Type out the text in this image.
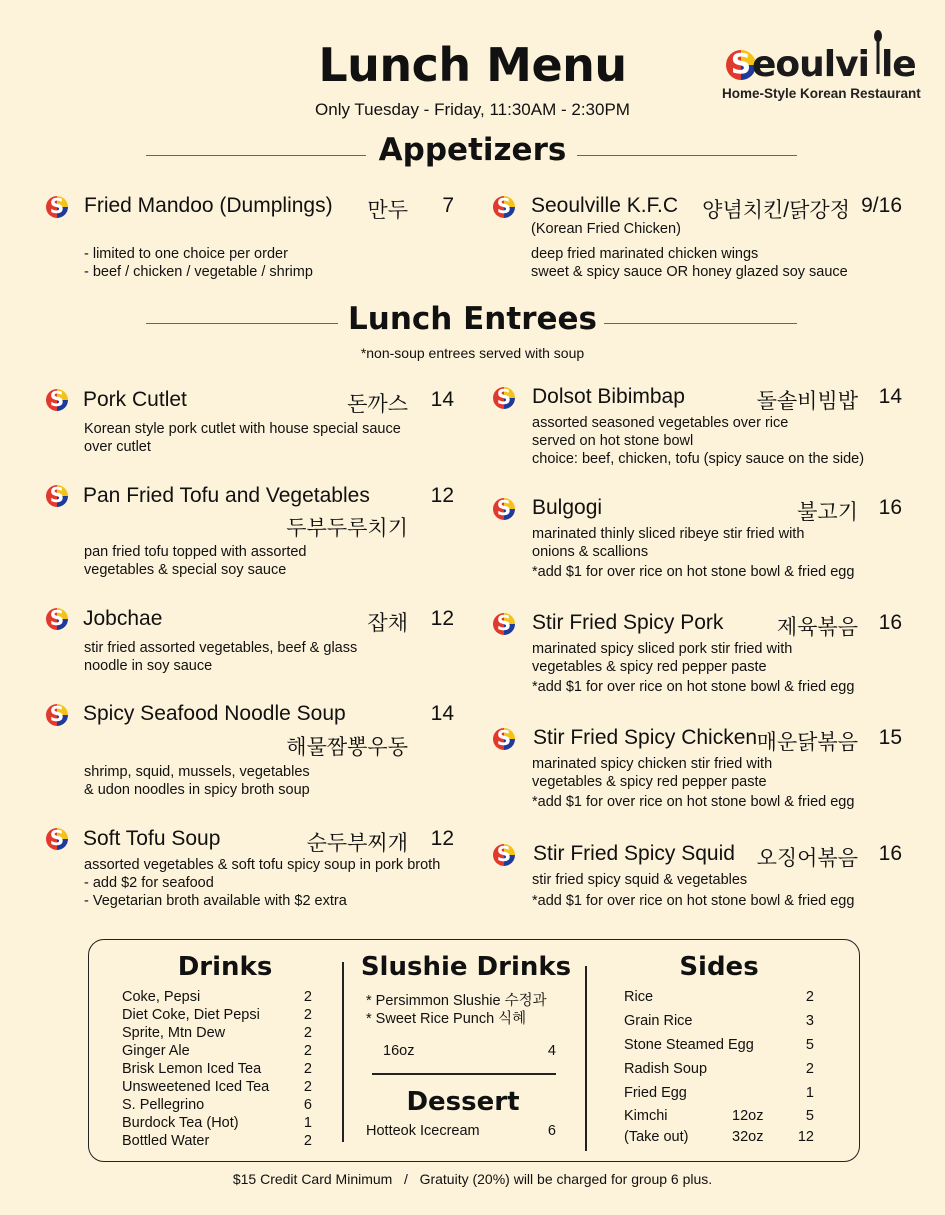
Lunch Menu
Only Tuesday - Friday, 11:30AM - 2:30PM
S eoulvi le
Home-Style Korean Restaurant
Appetizers
S Fried Mandoo (Dumplings)	만두	7
- limited to one choice per order
- beef / chicken / vegetable / shrimp
S Seoulville K.F.C
(Korean Fried Chicken)
양념치킨/닭강정 9/16
deep fried marinated chicken wings
sweet & spicy sauce OR honey glazed soy sauce
Lunch Entrees
*non-soup entrees served with soup
S Pork Cutlet	돈까스	14
Korean style pork cutlet with house special sauce
over cutlet
S Pan Fried Tofu and Vegetables	12
두부두루치기
pan fried tofu topped with assorted
vegetables & special soy sauce
S Jobchae	잡채	12
stir fried assorted vegetables, beef & glass
noodle in soy sauce
S Spicy Seafood Noodle Soup	14
해물짬뽕우동
shrimp, squid, mussels, vegetables
& udon noodles in spicy broth soup
S Soft Tofu Soup	순두부찌개	12
assorted vegetables & soft tofu spicy soup in pork broth
- add $2 for seafood
- Vegetarian broth available with $2 extra
S Dolsot Bibimbap	돌솥비빔밥 14
assorted seasoned vegetables over rice
served on hot stone bowl
choice: beef, chicken, tofu (spicy sauce on the side)
S Bulgogi	불고기 16
marinated thinly sliced ribeye stir fried with
onions & scallions
*add $1 for over rice on hot stone bowl & fried egg
S Stir Fried Spicy Pork	제육볶음 16
marinated spicy sliced pork stir fried with
vegetables & spicy red pepper paste
*add $1 for over rice on hot stone bowl & fried egg
S Stir Fried Spicy Chicken 매운닭볶음 15
marinated spicy chicken stir fried with
vegetables & spicy red pepper paste
*add $1 for over rice on hot stone bowl & fried egg
S Stir Fried Spicy Squid	오징어볶음 16
stir fried spicy squid & vegetables
*add $1 for over rice on hot stone bowl & fried egg
Drinks
Coke, Pepsi	2
Diet Coke, Diet Pepsi	2
Sprite, Mtn Dew	2
Ginger Ale	2
Brisk Lemon Iced Tea	2
Unsweetened Iced Tea	2
S. Pellegrino	6
Burdock Tea (Hot)	1
Bottled Water	2
Slushie Drinks
* Persimmon Slushie 수정과
* Sweet Rice Punch 식혜
16oz	4
Dessert
Hotteok Icecream	6
Sides
Rice	2
Grain Rice	3
Stone Steamed Egg	5
Radish Soup	2
Fried Egg	1
Kimchi	12oz	5
(Take out)	32oz	12
$15 Credit Card Minimum   /   Gratuity (20%) will be charged for group 6 plus.
